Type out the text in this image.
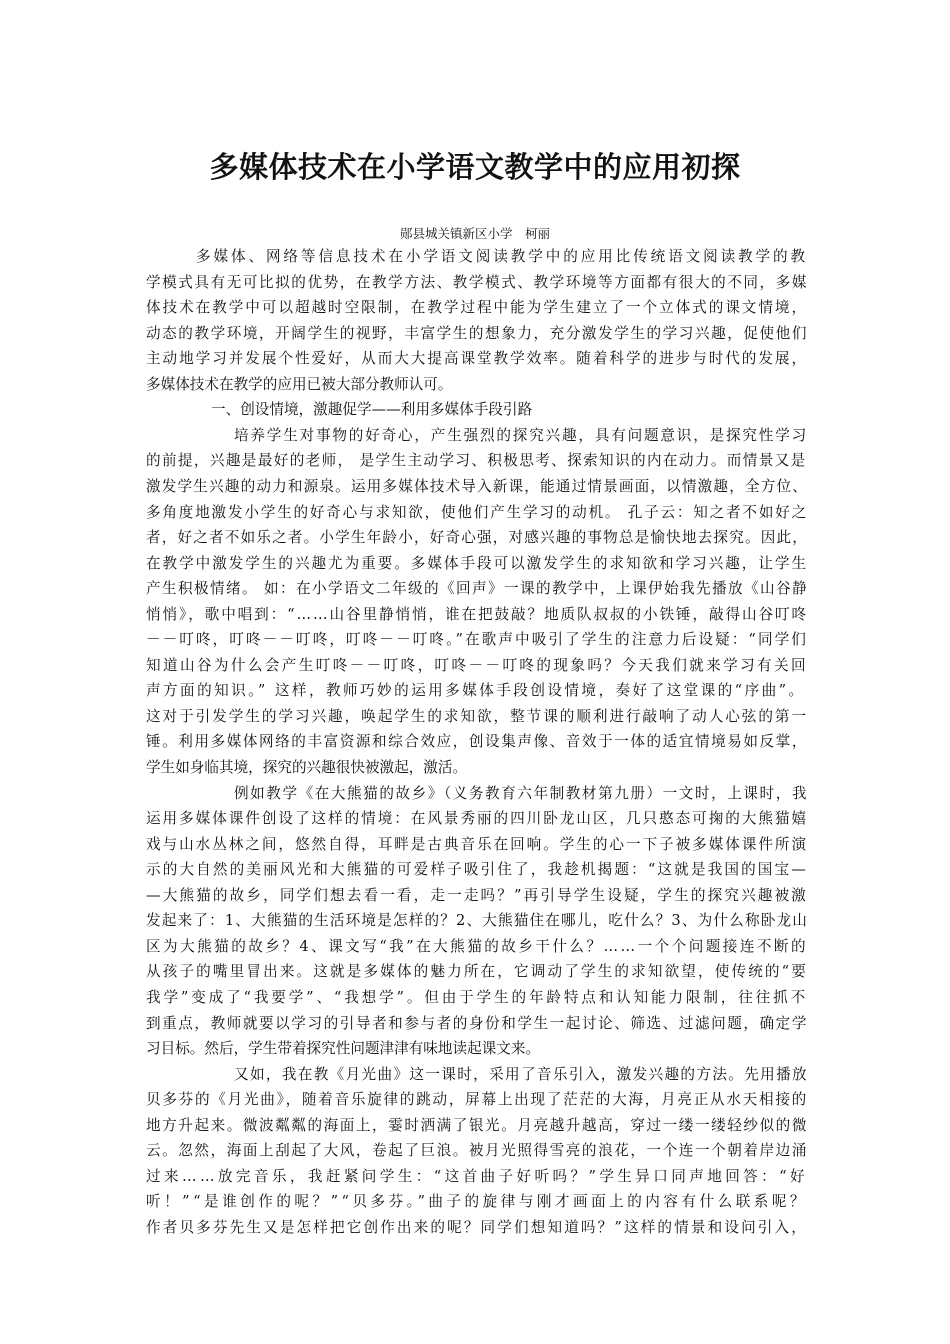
多媒体技术在小学语文教学中的应用初探
郧县城关镇新区小学　柯丽
多媒体、网络等信息技术在小学语文阅读教学中的应用比传统语文阅读教学的教
学模式具有无可比拟的优势，在教学方法、教学模式、教学环境等方面都有很大的不同，多媒
体技术在教学中可以超越时空限制，在教学过程中能为学生建立了一个立体式的课文情境，
动态的教学环境，开阔学生的视野，丰富学生的想象力，充分激发学生的学习兴趣，促使他们
主动地学习并发展个性爱好，从而大大提高课堂教学效率。随着科学的进步与时代的发展，
多媒体技术在教学的应用已被大部分教师认可。
一、创设情境，激趣促学——利用多媒体手段引路
培养学生对事物的好奇心，产生强烈的探究兴趣，具有问题意识，是探究性学习
的前提，兴趣是最好的老师， 是学生主动学习、积极思考、探索知识的内在动力。而情景又是
激发学生兴趣的动力和源泉。运用多媒体技术导入新课，能通过情景画面，以情激趣，全方位、
多角度地激发小学生的好奇心与求知欲，使他们产生学习的动机。 孔子云：知之者不如好之
者，好之者不如乐之者。小学生年龄小，好奇心强，对感兴趣的事物总是愉快地去探究。因此，
在教学中激发学生的兴趣尤为重要。多媒体手段可以激发学生的求知欲和学习兴趣，让学生
产生积极情绪。 如：在小学语文二年级的《回声》一课的教学中，上课伊始我先播放《山谷静
悄悄》，歌中唱到：“……山谷里静悄悄，谁在把鼓敲？地质队叔叔的小铁锤，敲得山谷叮咚
－－叮咚，叮咚－－叮咚，叮咚－－叮咚。”在歌声中吸引了学生的注意力后设疑：“同学们
知道山谷为什么会产生叮咚－－叮咚，叮咚－－叮咚的现象吗？今天我们就来学习有关回
声方面的知识。” 这样，教师巧妙的运用多媒体手段创设情境，奏好了这堂课的“序曲”。
这对于引发学生的学习兴趣，唤起学生的求知欲，整节课的顺利进行敲响了动人心弦的第一
锤。利用多媒体网络的丰富资源和综合效应，创设集声像、音效于一体的适宜情境易如反掌，
学生如身临其境，探究的兴趣很快被激起，激活。
例如教学《在大熊猫的故乡》（义务教育六年制教材第九册）一文时，上课时，我
运用多媒体课件创设了这样的情境：在风景秀丽的四川卧龙山区，几只憨态可掬的大熊猫嬉
戏与山水丛林之间，悠然自得，耳畔是古典音乐在回响。学生的心一下子被多媒体课件所演
示的大自然的美丽风光和大熊猫的可爱样子吸引住了，我趁机揭题：“这就是我国的国宝—
—大熊猫的故乡，同学们想去看一看，走一走吗？”再引导学生设疑，学生的探究兴趣被激
发起来了：1、大熊猫的生活环境是怎样的？2、大熊猫住在哪儿，吃什么？3、为什么称卧龙山
区为大熊猫的故乡？4、课文写“我”在大熊猫的故乡干什么？……一个个问题接连不断的
从孩子的嘴里冒出来。这就是多媒体的魅力所在，它调动了学生的求知欲望，使传统的“要
我学”变成了“我要学”、“我想学”。但由于学生的年龄特点和认知能力限制，往往抓不
到重点，教师就要以学习的引导者和参与者的身份和学生一起讨论、筛选、过滤问题，确定学
习目标。然后，学生带着探究性问题津津有味地读起课文来。
又如，我在教《月光曲》这一课时，采用了音乐引入，激发兴趣的方法。先用播放
贝多芬的《月光曲》，随着音乐旋律的跳动，屏幕上出现了茫茫的大海，月亮正从水天相接的
地方升起来。微波粼粼的海面上，霎时洒满了银光。月亮越升越高，穿过一缕一缕轻纱似的微
云。忽然，海面上刮起了大风，卷起了巨浪。被月光照得雪亮的浪花，一个连一个朝着岸边涌
过来……放完音乐，我赶紧问学生：“这首曲子好听吗？”学生异口同声地回答：“好
听！”“是谁创作的呢？”“贝多芬。”曲子的旋律与刚才画面上的内容有什么联系呢？
作者贝多芬先生又是怎样把它创作出来的呢？同学们想知道吗？”这样的情景和设问引入，
